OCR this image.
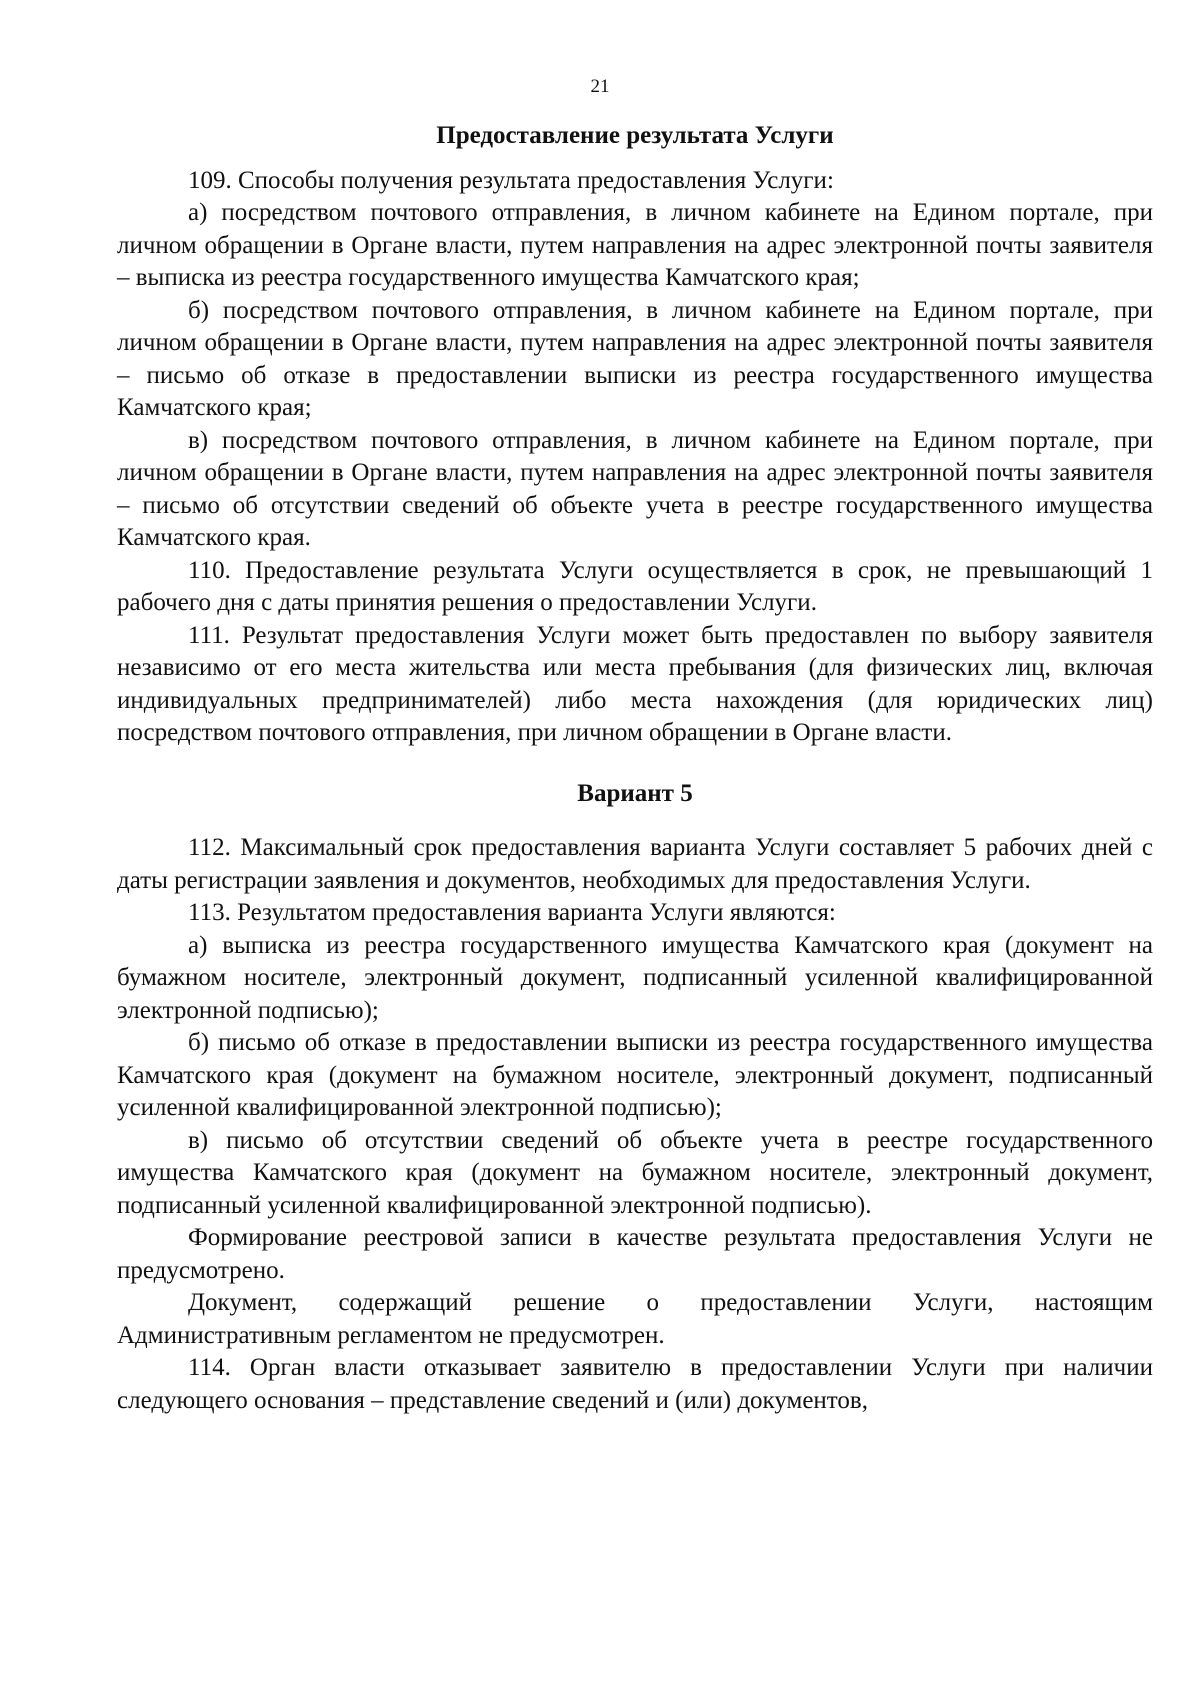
21
Предоставление результата Услуги

109. Способы получения результата предоставления Услуги:

а) посредством почтового отправления, в личном кабинете на Едином портале, при личном обращении в Органе власти, путем направления на адрес электронной почты заявителя – выписка из реестра государственного имущества Камчатского края;

б) посредством почтового отправления, в личном кабинете на Едином портале, при личном обращении в Органе власти, путем направления на адрес электронной почты заявителя – письмо об отказе в предоставлении выписки из реестра государственного имущества Камчатского края;

в) посредством почтового отправления, в личном кабинете на Едином портале, при личном обращении в Органе власти, путем направления на адрес электронной почты заявителя – письмо об отсутствии сведений об объекте учета в реестре государственного имущества Камчатского края.

110. Предоставление результата Услуги осуществляется в срок, не превышающий 1 рабочего дня с даты принятия решения о предоставлении Услуги.

111. Результат предоставления Услуги может быть предоставлен по выбору заявителя независимо от его места жительства или места пребывания (для физических лиц, включая индивидуальных предпринимателей) либо места нахождения (для юридических лиц) посредством почтового отправления, при личном обращении в Органе власти.

Вариант 5

112. Максимальный срок предоставления варианта Услуги составляет 5 рабочих дней с даты регистрации заявления и документов, необходимых для предоставления Услуги.

113. Результатом предоставления варианта Услуги являются:

а) выписка из реестра государственного имущества Камчатского края (документ на бумажном носителе, электронный документ, подписанный усиленной квалифицированной электронной подписью);

б) письмо об отказе в предоставлении выписки из реестра государственного имущества Камчатского края (документ на бумажном носителе, электронный документ, подписанный усиленной квалифицированной электронной подписью);

в) письмо об отсутствии сведений об объекте учета в реестре государственного имущества Камчатского края (документ на бумажном носителе, электронный документ, подписанный усиленной квалифицированной электронной подписью).

Формирование реестровой записи в качестве результата предоставления Услуги не предусмотрено.

Документ, содержащий решение о предоставлении Услуги, настоящим Административным регламентом не предусмотрен.

114. Орган власти отказывает заявителю в предоставлении Услуги при наличии следующего основания – представление сведений и (или) документов,
